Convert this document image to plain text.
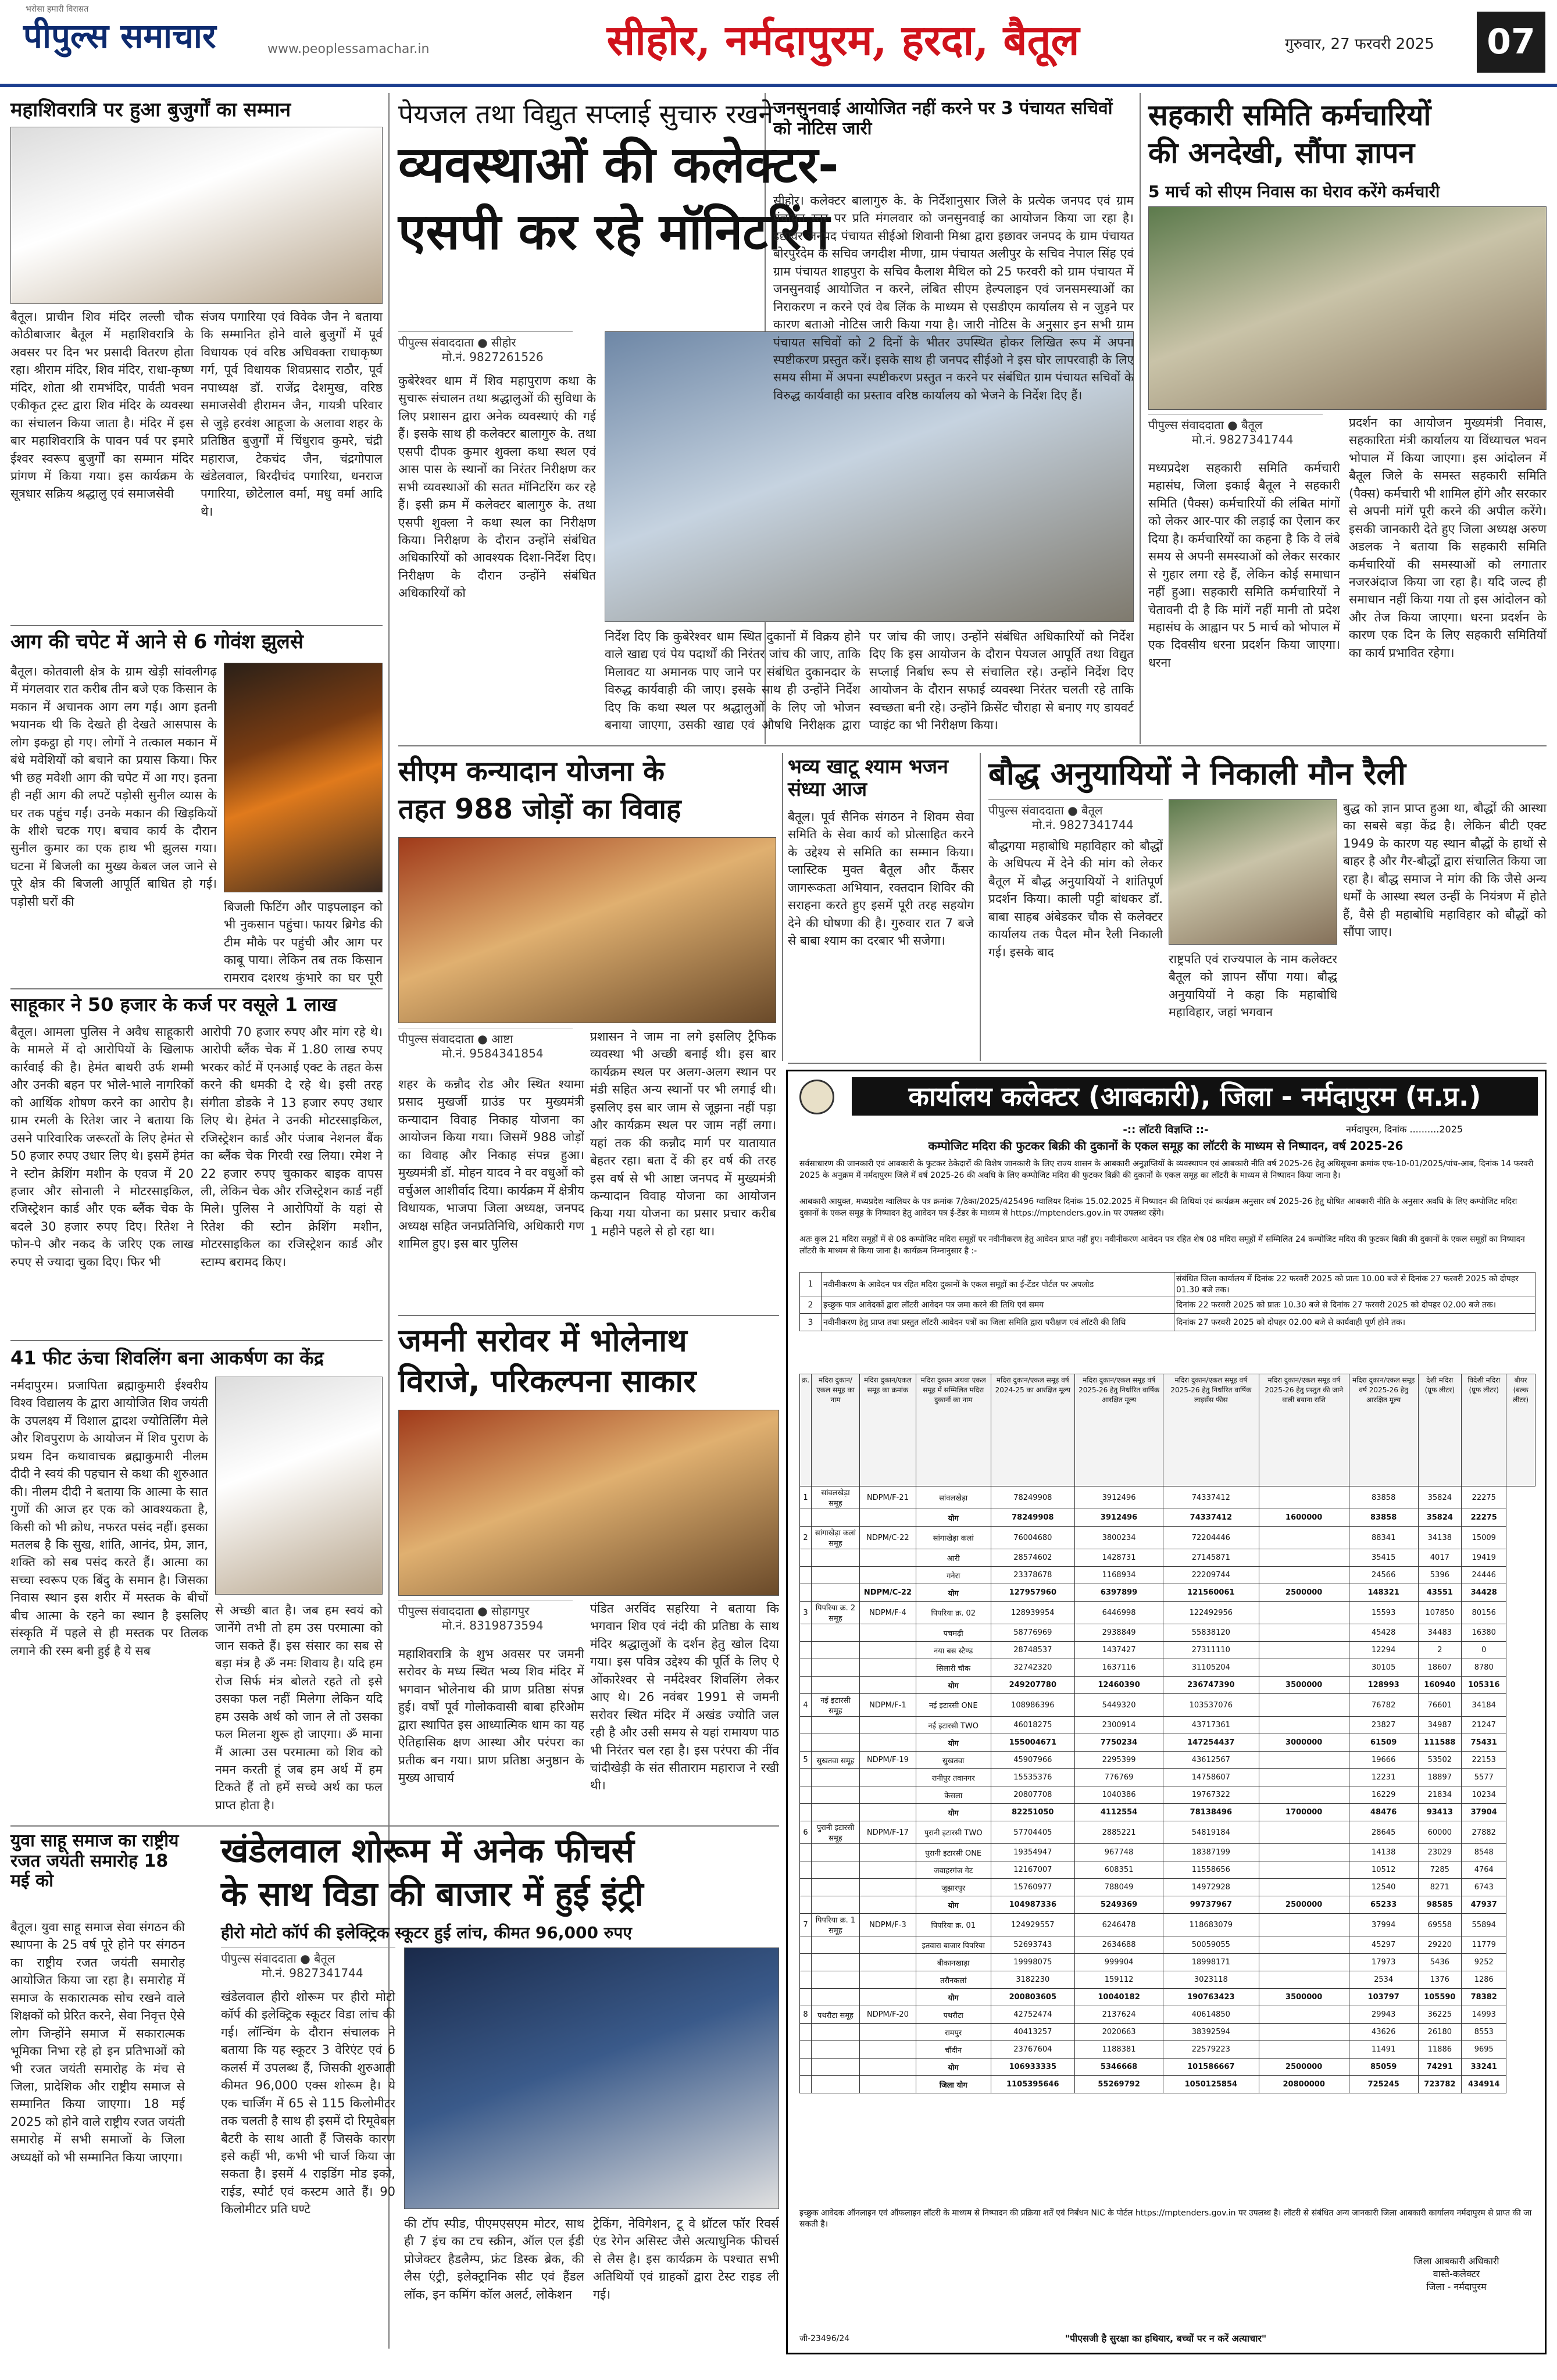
भरोसा हमारी विरासत
पीपुल्स समाचार	www.peoplessamachar.in	सीहोर, नर्मदापुरम, हरदा, बैतूल	गुरुवार, 27 फरवरी 2025 07
महाशिवरात्रि पर हुआ बुजुर्गों का सम्मान
बैतूल। प्राचीन शिव मंदिर लल्ली चौक कोठीबाजार बैतूल में महाशिवरात्रि के अवसर पर दिन भर प्रसादी वितरण होता रहा। श्रीराम मंदिर, शिव मंदिर, राधा-कृष्ण मंदिर, शोता श्री रामभंदिर, पार्वती भवन एकीकृत ट्रस्ट द्वारा शिव मंदिर के व्यवस्था का संचालन किया जाता है। मंदिर में इस बार महाशिवरात्रि के पावन पर्व पर इमारे ईश्वर स्वरूप बुजुर्गों का सम्मान मंदिर प्रांगण में किया गया। इस कार्यक्रम के सूत्रधार सक्रिय श्रद्धालु एवं समाजसेवी
संजय पगारिया एवं विवेक जैन ने बताया कि सम्मानित होने वाले बुजुर्गों में पूर्व विधायक एवं वरिष्ठ अधिवक्ता राधाकृष्ण गर्ग, पूर्व विधायक शिवप्रसाद राठौर, पूर्व नपाध्यक्ष डॉ. राजेंद्र देशमुख, वरिष्ठ समाजसेवी हीरामन जैन, गायत्री परिवार से जुड़े हरवंश आहूजा के अलावा शहर के प्रतिष्ठित बुजुर्गों में चिंधुराव कुमरे, चंद्री महाराज, टेकचंद जैन, चंद्रगोपाल खंडेलवाल, बिरदीचंद पगारिया, धनराज पगारिया, छोटेलाल वर्मा, मधु वर्मा आदि थे।
आग की चपेट में आने से 6 गोवंश झुलसे
बैतूल। कोतवाली क्षेत्र के ग्राम खेड़ी सांवलीगढ़ में मंगलवार रात करीब तीन बजे एक किसान के मकान में अचानक आग लग गई। आग इतनी भयानक थी कि देखते ही देखते आसपास के लोग इकट्ठा हो गए। लोगों ने तत्काल मकान में बंधे मवेशियों को बचाने का प्रयास किया। फिर भी छह मवेशी आग की चपेट में आ गए। इतना ही नहीं आग की लपटें पड़ोसी सुनील व्यास के घर तक पहुंच गईं। उनके मकान की खिड़कियों के शीशे चटक गए। बचाव कार्य के दौरान सुनील कुमार का एक हाथ भी झुलस गया। घटना में बिजली का मुख्य केबल जल जाने से पूरे क्षेत्र की बिजली आपूर्ति बाधित हो गई। पड़ोसी घरों की	बिजली फिटिंग और पाइपलाइन को भी नुकसान पहुंचा। फायर ब्रिगेड की टीम मौके पर पहुंची और आग पर काबू पाया। लेकिन तब तक किसान रामराव दशरथ कुंभारे का घर पूरी
साहूकार ने 50 हजार के कर्ज पर वसूले 1 लाख
बैतूल। आमला पुलिस ने अवैध साहूकारी के मामले में दो आरोपियों के खिलाफ कार्रवाई की है। हेमंत बाथरी उर्फ शम्मी और उनकी बहन पर भोले-भाले नागरिकों को आर्थिक शोषण करने का आरोप है। ग्राम रमली के रितेश जार ने बताया कि उसने पारिवारिक जरूरतों के लिए हेमंत से 50 हजार रुपए उधार लिए थे। इसमें हेमंत ने स्टोन क्रेशिंग मशीन के एवज में 20 हजार और सोनाली ने मोटरसाइकिल, रजिस्ट्रेशन कार्ड और एक ब्लैंक चेक के बदले 30 हजार रुपए दिए। रितेश ने फोन-पे और नकद के जरिए एक लाख रुपए से ज्यादा चुका दिए। फिर भी
आरोपी 70 हजार रुपए और मांग रहे थे। आरोपी ब्लैंक चेक में 1.80 लाख रुपए भरकर कोर्ट में एनआई एक्ट के तहत केस करने की धमकी दे रहे थे। इसी तरह संगीता डोडके ने 13 हजार रुपए उधार लिए थे। हेमंत ने उनकी मोटरसाइकिल, रजिस्ट्रेशन कार्ड और पंजाब नेशनल बैंक का ब्लैंक चेक गिरवी रख लिया। रमेश ने 22 हजार रुपए चुकाकर बाइक वापस ली, लेकिन चेक और रजिस्ट्रेशन कार्ड नहीं मिले। पुलिस ने आरोपियों के यहां से रितेश की स्टोन क्रेशिंग मशीन, मोटरसाइकिल का रजिस्ट्रेशन कार्ड और स्टाम्प बरामद किए।
41 फीट ऊंचा शिवलिंग बना आकर्षण का केंद्र
नर्मदापुरम। प्रजापिता ब्रह्माकुमारी ईश्वरीय विश्व विद्यालय के द्वारा आयोजित शिव जयंती के उपलक्ष्य में विशाल द्वादश ज्योतिर्लिंग मेले और शिवपुराण के आयोजन में शिव पुराण के प्रथम दिन कथावाचक ब्रह्माकुमारी नीलम दीदी ने स्वयं की पहचान से कथा की शुरुआत की। नीलम दीदी ने बताया कि आत्मा के सात गुणों की आज हर एक को आवश्यकता है, किसी को भी क्रोध, नफरत पसंद नहीं। इसका मतलब है कि सुख, शांति, आनंद, प्रेम, ज्ञान, शक्ति को सब पसंद करते हैं। आत्मा का सच्चा स्वरूप एक बिंदु के समान है। जिसका निवास स्थान इस शरीर में मस्तक के बीचों बीच आत्मा के रहने का स्थान है इसलिए संस्कृति में पहले से ही मस्तक पर तिलक लगाने की रस्म बनी हुई है ये सब
से अच्छी बात है। जब हम स्वयं को जानेंगे तभी तो हम उस परमात्मा को जान सकते हैं। इस संसार का सब से बड़ा मंत्र है ॐ नमः शिवाय है। यदि हम रोज सिर्फ मंत्र बोलते रहते तो इसे उसका फल नहीं मिलेगा लेकिन यदि हम उसके अर्थ को जान ले तो उसका फल मिलना शुरू हो जाएगा। ॐ माना मैं आत्मा उस परमात्मा को शिव को नमन करती हूं जब हम अर्थ में हम टिकते हैं तो हमें सच्चे अर्थ का फल प्राप्त होता है।
युवा साहू समाज का राष्ट्रीय रजत जयंती समारोह 18 मई को
बैतूल। युवा साहू समाज सेवा संगठन की स्थापना के 25 वर्ष पूरे होने पर संगठन का राष्ट्रीय रजत जयंती समारोह आयोजित किया जा रहा है। समारोह में समाज के सकारात्मक सोच रखने वाले शिक्षकों को प्रेरित करने, सेवा निवृत्त ऐसे लोग जिन्होंने समाज में सकारात्मक भूमिका निभा रहे हो इन प्रतिभाओं को भी रजत जयंती समारोह के मंच से जिला, प्रादेशिक और राष्ट्रीय समाज से सम्मानित किया जाएगा। 18 मई 2025 को होने वाले राष्ट्रीय रजत जयंती समारोह में सभी समाजों के जिला अध्यक्षों को भी सम्मानित किया जाएगा।
पेयजल तथा विद्युत सप्लाई सुचारु रखने
व्यवस्थाओं की कलेक्टर-
एसपी कर रहे मॉनिटरिंग
पीपुल्स संवाददाता ● सीहोर
मो.नं. 9827261526
कुबेरेश्वर धाम में शिव महापुराण कथा के सुचारू संचालन तथा श्रद्धालुओं की सुविधा के लिए प्रशासन द्वारा अनेक व्यवस्थाएं की गई हैं। इसके साथ ही कलेक्टर बालागुरु के. तथा एसपी दीपक कुमार शुक्ला कथा स्थल एवं आस पास के स्थानों का निरंतर निरीक्षण कर सभी व्यवस्थाओं की सतत मॉनिटरिंग कर रहे हैं। इसी क्रम में कलेक्टर बालागुरु के. तथा एसपी शुक्ला ने कथा स्थल का निरीक्षण किया। निरीक्षण के दौरान उन्होंने संबंधित अधिकारियों को आवश्यक दिशा-निर्देश दिए। निरीक्षण के दौरान उन्होंने संबंधित अधिकारियों को
निर्देश दिए कि कुबेरेश्वर धाम स्थित दुकानों में विक्रय होने वाले खाद्य एवं पेय पदार्थों की निरंतर जांच की जाए, ताकि मिलावट या अमानक पाए जाने पर संबंधित दुकानदार के विरुद्ध कार्यवाही की जाए। इसके साथ ही उन्होंने निर्देश दिए कि कथा स्थल पर श्रद्धालुओं के लिए जो भोजन बनाया जाएगा, उसकी खाद्य एवं औषधि निरीक्षक द्वारा
पर जांच की जाए। उन्होंने संबंधित अधिकारियों को निर्देश दिए कि इस आयोजन के दौरान पेयजल आपूर्ति तथा विद्युत सप्लाई निर्बाध रूप से संचालित रहे। उन्होंने निर्देश दिए आयोजन के दौरान सफाई व्यवस्था निरंतर चलती रहे ताकि स्वच्छता बनी रहे। उन्होंने क्रिसेंट चौराहा से बनाए गए डायवर्ट प्वाइंट का भी निरीक्षण किया।
जनसुनवाई आयोजित नहीं करने पर 3 पंचायत सचिवों को नोटिस जारी
सीहोर। कलेक्टर बालागुरु के. के निर्देशानुसार जिले के प्रत्येक जनपद एवं ग्राम पंचायत स्तर पर प्रति मंगलवार को जनसुनवाई का आयोजन किया जा रहा है। इछावर जनपद पंचायत सीईओ शिवानी मिश्रा द्वारा इछावर जनपद के ग्राम पंचायत बोरपुरदेम के सचिव जगदीश मीणा, ग्राम पंचायत अलीपुर के सचिव नेपाल सिंह एवं ग्राम पंचायत शाहपुरा के सचिव कैलाश मैथिल को 25 फरवरी को ग्राम पंचायत में जनसुनवाई आयोजित न करने, लंबित सीएम हेल्पलाइन एवं जनसमस्याओं का निराकरण न करने एवं वेब लिंक के माध्यम से एसडीएम कार्यालय से न जुड़ने पर कारण बताओ नोटिस जारी किया गया है। जारी नोटिस के अनुसार इन सभी ग्राम पंचायत सचिवों को 2 दिनों के भीतर उपस्थित होकर लिखित रूप में अपना स्पष्टीकरण प्रस्तुत करें। इसके साथ ही जनपद सीईओ ने इस घोर लापरवाही के लिए समय सीमा में अपना स्पष्टीकरण प्रस्तुत न करने पर संबंधित ग्राम पंचायत सचिवों के विरुद्ध कार्यवाही का प्रस्ताव वरिष्ठ कार्यालय को भेजने के निर्देश दिए हैं।
सहकारी समिति कर्मचारियों
की अनदेखी, सौंपा ज्ञापन
5 मार्च को सीएम निवास का घेराव करेंगे कर्मचारी
पीपुल्स संवाददाता ● बैतूल
मो.नं. 9827341744
मध्यप्रदेश सहकारी समिति कर्मचारी महासंघ, जिला इकाई बैतूल ने सहकारी समिति (पैक्स) कर्मचारियों की लंबित मांगों को लेकर आर-पार की लड़ाई का ऐलान कर दिया है। कर्मचारियों का कहना है कि वे लंबे समय से अपनी समस्याओं को लेकर सरकार से गुहार लगा रहे हैं, लेकिन कोई समाधान नहीं हुआ। सहकारी समिति कर्मचारियों ने चेतावनी दी है कि मांगें नहीं मानी तो प्रदेश महासंघ के आह्वान पर 5 मार्च को भोपाल में एक दिवसीय धरना प्रदर्शन किया जाएगा। धरना
प्रदर्शन का आयोजन मुख्यमंत्री निवास, सहकारिता मंत्री कार्यालय या विंध्याचल भवन भोपाल में किया जाएगा। इस आंदोलन में बैतूल जिले के समस्त सहकारी समिति (पैक्स) कर्मचारी भी शामिल होंगे और सरकार से अपनी मांगें पूरी करने की अपील करेंगे। इसकी जानकारी देते हुए जिला अध्यक्ष अरुण अडलक ने बताया कि सहकारी समिति कर्मचारियों की समस्याओं को लगातार नजरअंदाज किया जा रहा है। यदि जल्द ही समाधान नहीं किया गया तो इस आंदोलन को और तेज किया जाएगा। धरना प्रदर्शन के कारण एक दिन के लिए सहकारी समितियों का कार्य प्रभावित रहेगा।
सीएम कन्यादान योजना के
तहत 988 जोड़ों का विवाह
पीपुल्स संवाददाता ● आष्टा
मो.नं. 9584341854
शहर के कन्नौद रोड और स्थित श्यामा प्रसाद मुखर्जी ग्राउंड पर मुख्यमंत्री कन्यादान विवाह निकाह योजना का आयोजन किया गया। जिसमें 988 जोड़ों का विवाह और निकाह संपन्न हुआ। मुख्यमंत्री डॉ. मोहन यादव ने वर वधुओं को वर्चुअल आशीर्वाद दिया। कार्यक्रम में क्षेत्रीय विधायक, भाजपा जिला अध्यक्ष, जनपद अध्यक्ष सहित जनप्रतिनिधि, अधिकारी गण शामिल हुए। इस बार पुलिस
प्रशासन ने जाम ना लगे इसलिए ट्रैफिक व्यवस्था भी अच्छी बनाई थी। इस बार कार्यक्रम स्थल पर अलग-अलग स्थान पर मंडी सहित अन्य स्थानों पर भी लगाई थी। इसलिए इस बार जाम से जूझना नहीं पड़ा और कार्यक्रम स्थल पर जाम नहीं लगा। यहां तक की कन्नौद मार्ग पर यातायात बेहतर रहा। बता दें की हर वर्ष की तरह इस वर्ष से भी आष्टा जनपद में मुख्यमंत्री कन्यादान विवाह योजना का आयोजन किया गया योजना का प्रसार प्रचार करीब 1 महीने पहले से हो रहा था।
भव्य खाटू श्याम भजन संध्या आज
बैतूल। पूर्व सैनिक संगठन ने शिवम सेवा समिति के सेवा कार्य को प्रोत्साहित करने के उद्देश्य से समिति का सम्मान किया। प्लास्टिक मुक्त बैतूल और कैंसर जागरूकता अभियान, रक्तदान शिविर की सराहना करते हुए इसमें पूरी तरह सहयोग देने की घोषणा की है। गुरुवार रात 7 बजे से बाबा श्याम का दरबार भी सजेगा।
बौद्ध अनुयायियों ने निकाली मौन रैली
पीपुल्स संवाददाता ● बैतूल
मो.नं. 9827341744
बौद्धगया महाबोधि महाविहार को बौद्धों के अधिपत्य में देने की मांग को लेकर बैतूल में बौद्ध अनुयायियों ने शांतिपूर्ण प्रदर्शन किया। काली पट्टी बांधकर डॉ. बाबा साहब अंबेडकर चौक से कलेक्टर कार्यालय तक पैदल मौन रैली निकाली गई। इसके बाद
राष्ट्रपति एवं राज्यपाल के नाम कलेक्टर बैतूल को ज्ञापन सौंपा गया। बौद्ध अनुयायियों ने कहा कि महाबोधि महाविहार, जहां भगवान
बुद्ध को ज्ञान प्राप्त हुआ था, बौद्धों की आस्था का सबसे बड़ा केंद्र है। लेकिन बीटी एक्ट 1949 के कारण यह स्थान बौद्धों के हाथों से बाहर है और गैर-बौद्धों द्वारा संचालित किया जा रहा है। बौद्ध समाज ने मांग की कि जैसे अन्य धर्मों के आस्था स्थल उन्हीं के नियंत्रण में होते हैं, वैसे ही महाबोधि महाविहार को बौद्धों को सौंपा जाए।
जमनी सरोवर में भोलेनाथ
विराजे, परिकल्पना साकार
पीपुल्स संवाददाता ● सोहागपुर
मो.नं. 8319873594
महाशिवरात्रि के शुभ अवसर पर जमनी सरोवर के मध्य स्थित भव्य शिव मंदिर में भगवान भोलेनाथ की प्राण प्रतिष्ठा संपन्न हुई। वर्षों पूर्व गोलोकवासी बाबा हरिओम द्वारा स्थापित इस आध्यात्मिक धाम का यह ऐतिहासिक क्षण आस्था और परंपरा का प्रतीक बन गया। प्राण प्रतिष्ठा अनुष्ठान के मुख्य आचार्य
पंडित अरविंद सहरिया ने बताया कि भगवान शिव एवं नंदी की प्रतिष्ठा के साथ मंदिर श्रद्धालुओं के दर्शन हेतु खोल दिया गया। इस पवित्र उद्देश्य की पूर्ति के लिए ऐ ओंकारेश्वर से नर्मदेश्वर शिवलिंग लेकर आए थे। 26 नवंबर 1991 से जमनी सरोवर स्थित मंदिर में अखंड ज्योति जल रही है और उसी समय से यहां रामायण पाठ भी निरंतर चल रहा है। इस परंपरा की नींव चांदीखेड़ी के संत सीताराम महाराज ने रखी थी।
खंडेलवाल शोरूम में अनेक फीचर्स
के साथ विडा की बाजार में हुई इंट्री
हीरो मोटो कॉर्प की इलेक्ट्रिक स्कूटर हुई लांच, कीमत 96,000 रुपए
पीपुल्स संवाददाता ● बैतूल
मो.नं. 9827341744
खंडेलवाल हीरो शोरूम पर हीरो मोटो कॉर्प की इलेक्ट्रिक स्कूटर विडा लांच की गई। लॉन्चिंग के दौरान संचालक ने बताया कि यह स्कूटर 3 वेरिएंट एवं 6 कलर्स में उपलब्ध हैं, जिसकी शुरुआती कीमत 96,000 एक्स शोरूम है। ये एक चार्जिंग में 65 से 115 किलोमीटर तक चलती है साथ ही इसमें दो रिमूवेबल बैटरी के साथ आती हैं जिसके कारण इसे कहीं भी, कभी भी चार्ज किया जा सकता है। इसमें 4 राइडिंग मोड इको, राईड, स्पोर्ट एवं कस्टम आते हैं। 90 किलोमीटर प्रति घण्टे
की टॉप स्पीड, पीएमएसएम मोटर, साथ ही 7 इंच का टच स्क्रीन, ऑल एल ईडी प्रोजेक्टर हैडलैम्प, फ्रंट डिस्क ब्रेक, की लैस एंट्री, इलेक्ट्रानिक सीट एवं हैंडल लॉक, इन कमिंग कॉल अलर्ट, लोकेशन
ट्रेकिंग, नेविगेशन, टू वे थ्रॉटल फॉर रिवर्स एंड रेगेन असिस्ट जैसे अत्याधुनिक फीचर्स से लैस है। इस कार्यक्रम के पश्चात सभी अतिथियों एवं ग्राहकों द्वारा टेस्ट राइड ली गई।
कार्यालय कलेक्टर (आबकारी), जिला - नर्मदापुरम (म.प्र.)
नर्मदापुरम, दिनांक ..........2025
-:: लॉटरी विज्ञप्ति ::-
कम्पोजिट मदिरा की फुटकर बिक्री की दुकानों के एकल समूह का लॉटरी के माध्यम से निष्पादन, वर्ष 2025-26
सर्वसाधारण की जानकारी एवं आबकारी के फुटकर ठेकेदारों की विशेष जानकारी के लिए राज्य शासन के आबकारी अनुज्ञप्तियों के व्यवस्थापन एवं आबकारी नीति वर्ष 2025-26 हेतु अधिसूचना क्रमांक एफ-10-01/2025/पांच-आब, दिनांक 14 फरवरी 2025 के अनुक्रम में नर्मदापुरम जिले में वर्ष 2025-26 की अवधि के लिए कम्पोजिट मदिरा की फुटकर बिक्री की दुकानों के एकल समूह का लॉटरी के माध्यम से निष्पादन किया जाना है।
आबकारी आयुक्त, मध्यप्रदेश ग्वालियर के पत्र क्रमांक 7/ठेका/2025/425496 ग्वालियर दिनांक 15.02.2025 में निष्पादन की तिथियां एवं कार्यक्रम अनुसार वर्ष 2025-26 हेतु घोषित आबकारी नीति के अनुसार अवधि के लिए कम्पोजिट मदिरा दुकानों के एकल समूह के निष्पादन हेतु आवेदन पत्र ई-टेंडर के माध्यम से https://mptenders.gov.in पर उपलब्ध रहेंगे।
अतः कुल 21 मदिरा समूहों में से 08 कम्पोजिट मदिरा समूहों पर नवीनीकरण हेतु आवेदन प्राप्त नहीं हुए। नवीनीकरण आवेदन पत्र रहित शेष 08 मदिरा समूहों में सम्मिलित 24 कम्पोजिट मदिरा की फुटकर बिक्री की दुकानों के एकल समूहों का निष्पादन लॉटरी के माध्यम से किया जाना है। कार्यक्रम निम्नानुसार है :-
1	नवीनीकरण के आवेदन पत्र रहित मदिरा दुकानों के एकल समूहों का ई-टेंडर पोर्टल पर अपलोड	संबंधित जिला कार्यालय में दिनांक 22 फरवरी 2025 को प्रातः 10.00 बजे से दिनांक 27 फरवरी 2025 को दोपहर 01.30 बजे तक।
2	इच्छुक पात्र आवेदकों द्वारा लॉटरी आवेदन पत्र जमा करने की तिथि एवं समय	दिनांक 22 फरवरी 2025 को प्रातः 10.30 बजे से दिनांक 27 फरवरी 2025 को दोपहर 02.00 बजे तक।
3	नवीनीकरण हेतु प्राप्त तथा प्रस्तुत लॉटरी आवेदन पत्रों का जिला समिति द्वारा परीक्षण एवं लॉटरी की तिथि	दिनांक 27 फरवरी 2025 को दोपहर 02.00 बजे से कार्यवाही पूर्ण होने तक।
क्र.	मदिरा दुकान/एकल समूह का नाम	मदिरा दुकान/एकल समूह का क्रमांक	मदिरा दुकान अथवा एकल समूह में सम्मिलित मदिरा दुकानों का नाम	मदिरा दुकान/एकल समूह वर्ष 2024-25 का आरक्षित मूल्य	मदिरा दुकान/एकल समूह वर्ष 2025-26 हेतु निर्धारित वार्षिक आरक्षित मूल्य	मदिरा दुकान/एकल समूह वर्ष 2025-26 हेतु निर्धारित वार्षिक लाइसेंस फीस	मदिरा दुकान/एकल समूह वर्ष 2025-26 हेतु प्रस्तुत की जाने वाली बयाना राशि	मदिरा दुकान/एकल समूह वर्ष 2025-26 हेतु आरक्षित मूल्य	देशी मदिरा (प्रूफ लीटर)	विदेशी मदिरा (प्रूफ लीटर)	बीयर (बल्क लीटर)
1	सांवलखेड़ा समूह	NDPM/F-21	सांवलखेड़ा	78249908	3912496	74337412		83858	35824	22275	
			योग	78249908	3912496	74337412	1600000	83858	35824	22275	
2	सांगाखेड़ा कलां समूह	NDPM/C-22	सांगाखेड़ा कलां	76004680	3800234	72204446		88341	34138	15009	
			आरी	28574602	1428731	27145871		35415	4017	19419	
			गनेरा	23378678	1168934	22209744		24566	5396	24446	
		NDPM/C-22	योग	127957960	6397899	121560061	2500000	148321	43551	34428	
3	पिपरिया क्र. 2 समूह	NDPM/F-4	पिपरिया क्र. 02	128939954	6446998	122492956		15593	107850	80156	
			पचमढ़ी	58776969	2938849	55838120		45428	34483	16380	
			नया बस स्टैण्ड	28748537	1437427	27311110		12294	2	0	
			सिलारी चौक	32742320	1637116	31105204		30105	18607	8780	
			योग	249207780	12460390	236747390	3500000	128993	160940	105316	
4	नई इटारसी समूह	NDPM/F-1	नई इटारसी ONE	108986396	5449320	103537076		76782	76601	34184	
			नई इटारसी TWO	46018275	2300914	43717361		23827	34987	21247	
			योग	155004671	7750234	147254437	3000000	61509	111588	75431	
5	सुखतवा समूह	NDPM/F-19	सुखतवा	45907966	2295399	43612567		19666	53502	22153	
			रानीपुर तवानगर	15535376	776769	14758607		12231	18897	5577	
			केसला	20807708	1040386	19767322		16229	21834	10234	
			योग	82251050	4112554	78138496	1700000	48476	93413	37904	
6	पुरानी इटारसी समूह	NDPM/F-17	पुरानी इटारसी TWO	57704405	2885221	54819184		28645	60000	27882	
			पुरानी इटारसी ONE	19354947	967748	18387199		14138	23029	8548	
			जवाहरगंज गेट	12167007	608351	11558656		10512	7285	4764	
			जुझारपुर	15760977	788049	14972928		12540	8271	6743	
			योग	104987336	5249369	99737967	2500000	65233	98585	47937	
7	पिपरिया क्र. 1 समूह	NDPM/F-3	पिपरिया क्र. 01	124929557	6246478	118683079		37994	69558	55894	
			इतवारा बाजार पिपरिया	52693743	2634688	50059055		45297	29220	11779	
			बीकानखाड़ा	19998075	999904	18998171		17973	5436	9252	
			तरौनकलां	3182230	159112	3023118		2534	1376	1286	
			योग	200803605	10040182	190763423	3500000	103797	105590	78382	
8	पथरौटा समूह	NDPM/F-20	पथरौटा	42752474	2137624	40614850		29943	36225	14993	
			रामपुर	40413257	2020663	38392594		43626	26180	8553	
			चौंदीन	23767604	1188381	22579223		11491	11886	9695	
			योग	106933335	5346668	101586667	2500000	85059	74291	33241	
			जिला योग	1105395646	55269792	1050125854	20800000	725245	723782	434914	
इच्छुक आवेदक ऑनलाइन एवं ऑफलाइन लॉटरी के माध्यम से निष्पादन की प्रक्रिया शर्तें एवं निर्बंधन NIC के पोर्टल https://mptenders.gov.in पर उपलब्ध है। लॉटरी से संबंधित अन्य जानकारी जिला आबकारी कार्यालय नर्मदापुरम से प्राप्त की जा सकती है।
जिला आबकारी अधिकारी
वास्ते-कलेक्टर
जिला - नर्मदापुरम
जी-23496/24	"पीएसजी है सुरक्षा का हथियार, बच्चों पर न करें अत्याचार"
